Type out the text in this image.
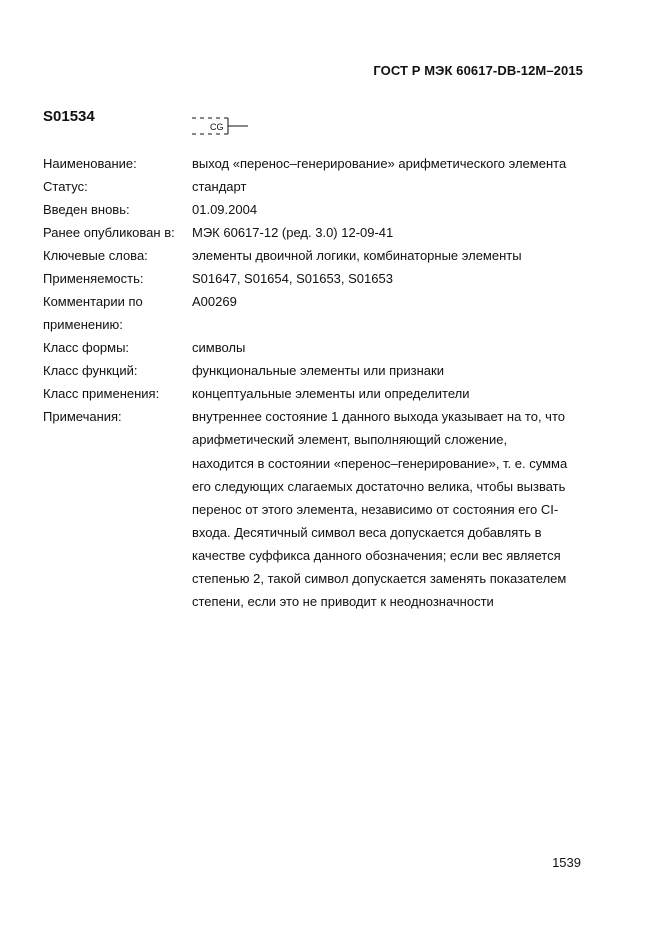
ГОСТ Р МЭК 60617-DB-12M–2015
S01534
CG
Наименование:	выход «перенос–генерирование» арифметического элемента
Статус:	стандарт
Введен вновь:	01.09.2004
Ранее опубликован в:	МЭК 60617-12 (ред. 3.0) 12-09-41
Ключевые слова:	элементы двоичной логики, комбинаторные элементы
Применяемость:	S01647, S01654, S01653, S01653
Комментарии по	A00269
применению:
Класс формы:	символы
Класс функций:	функциональные элементы или признаки
Класс применения:	концептуальные элементы или определители
Примечания:	внутреннее состояние 1 данного выхода указывает на то, что
арифметический элемент, выполняющий сложение,
находится в состоянии «перенос–генерирование», т. е. сумма
его следующих слагаемых достаточно велика, чтобы вызвать
перенос от этого элемента, независимо от состояния его CI-
входа. Десятичный символ веса допускается добавлять в
качестве суффикса данного обозначения; если вес является
степенью 2, такой символ допускается заменять показателем
степени, если это не приводит к неоднозначности
1539
